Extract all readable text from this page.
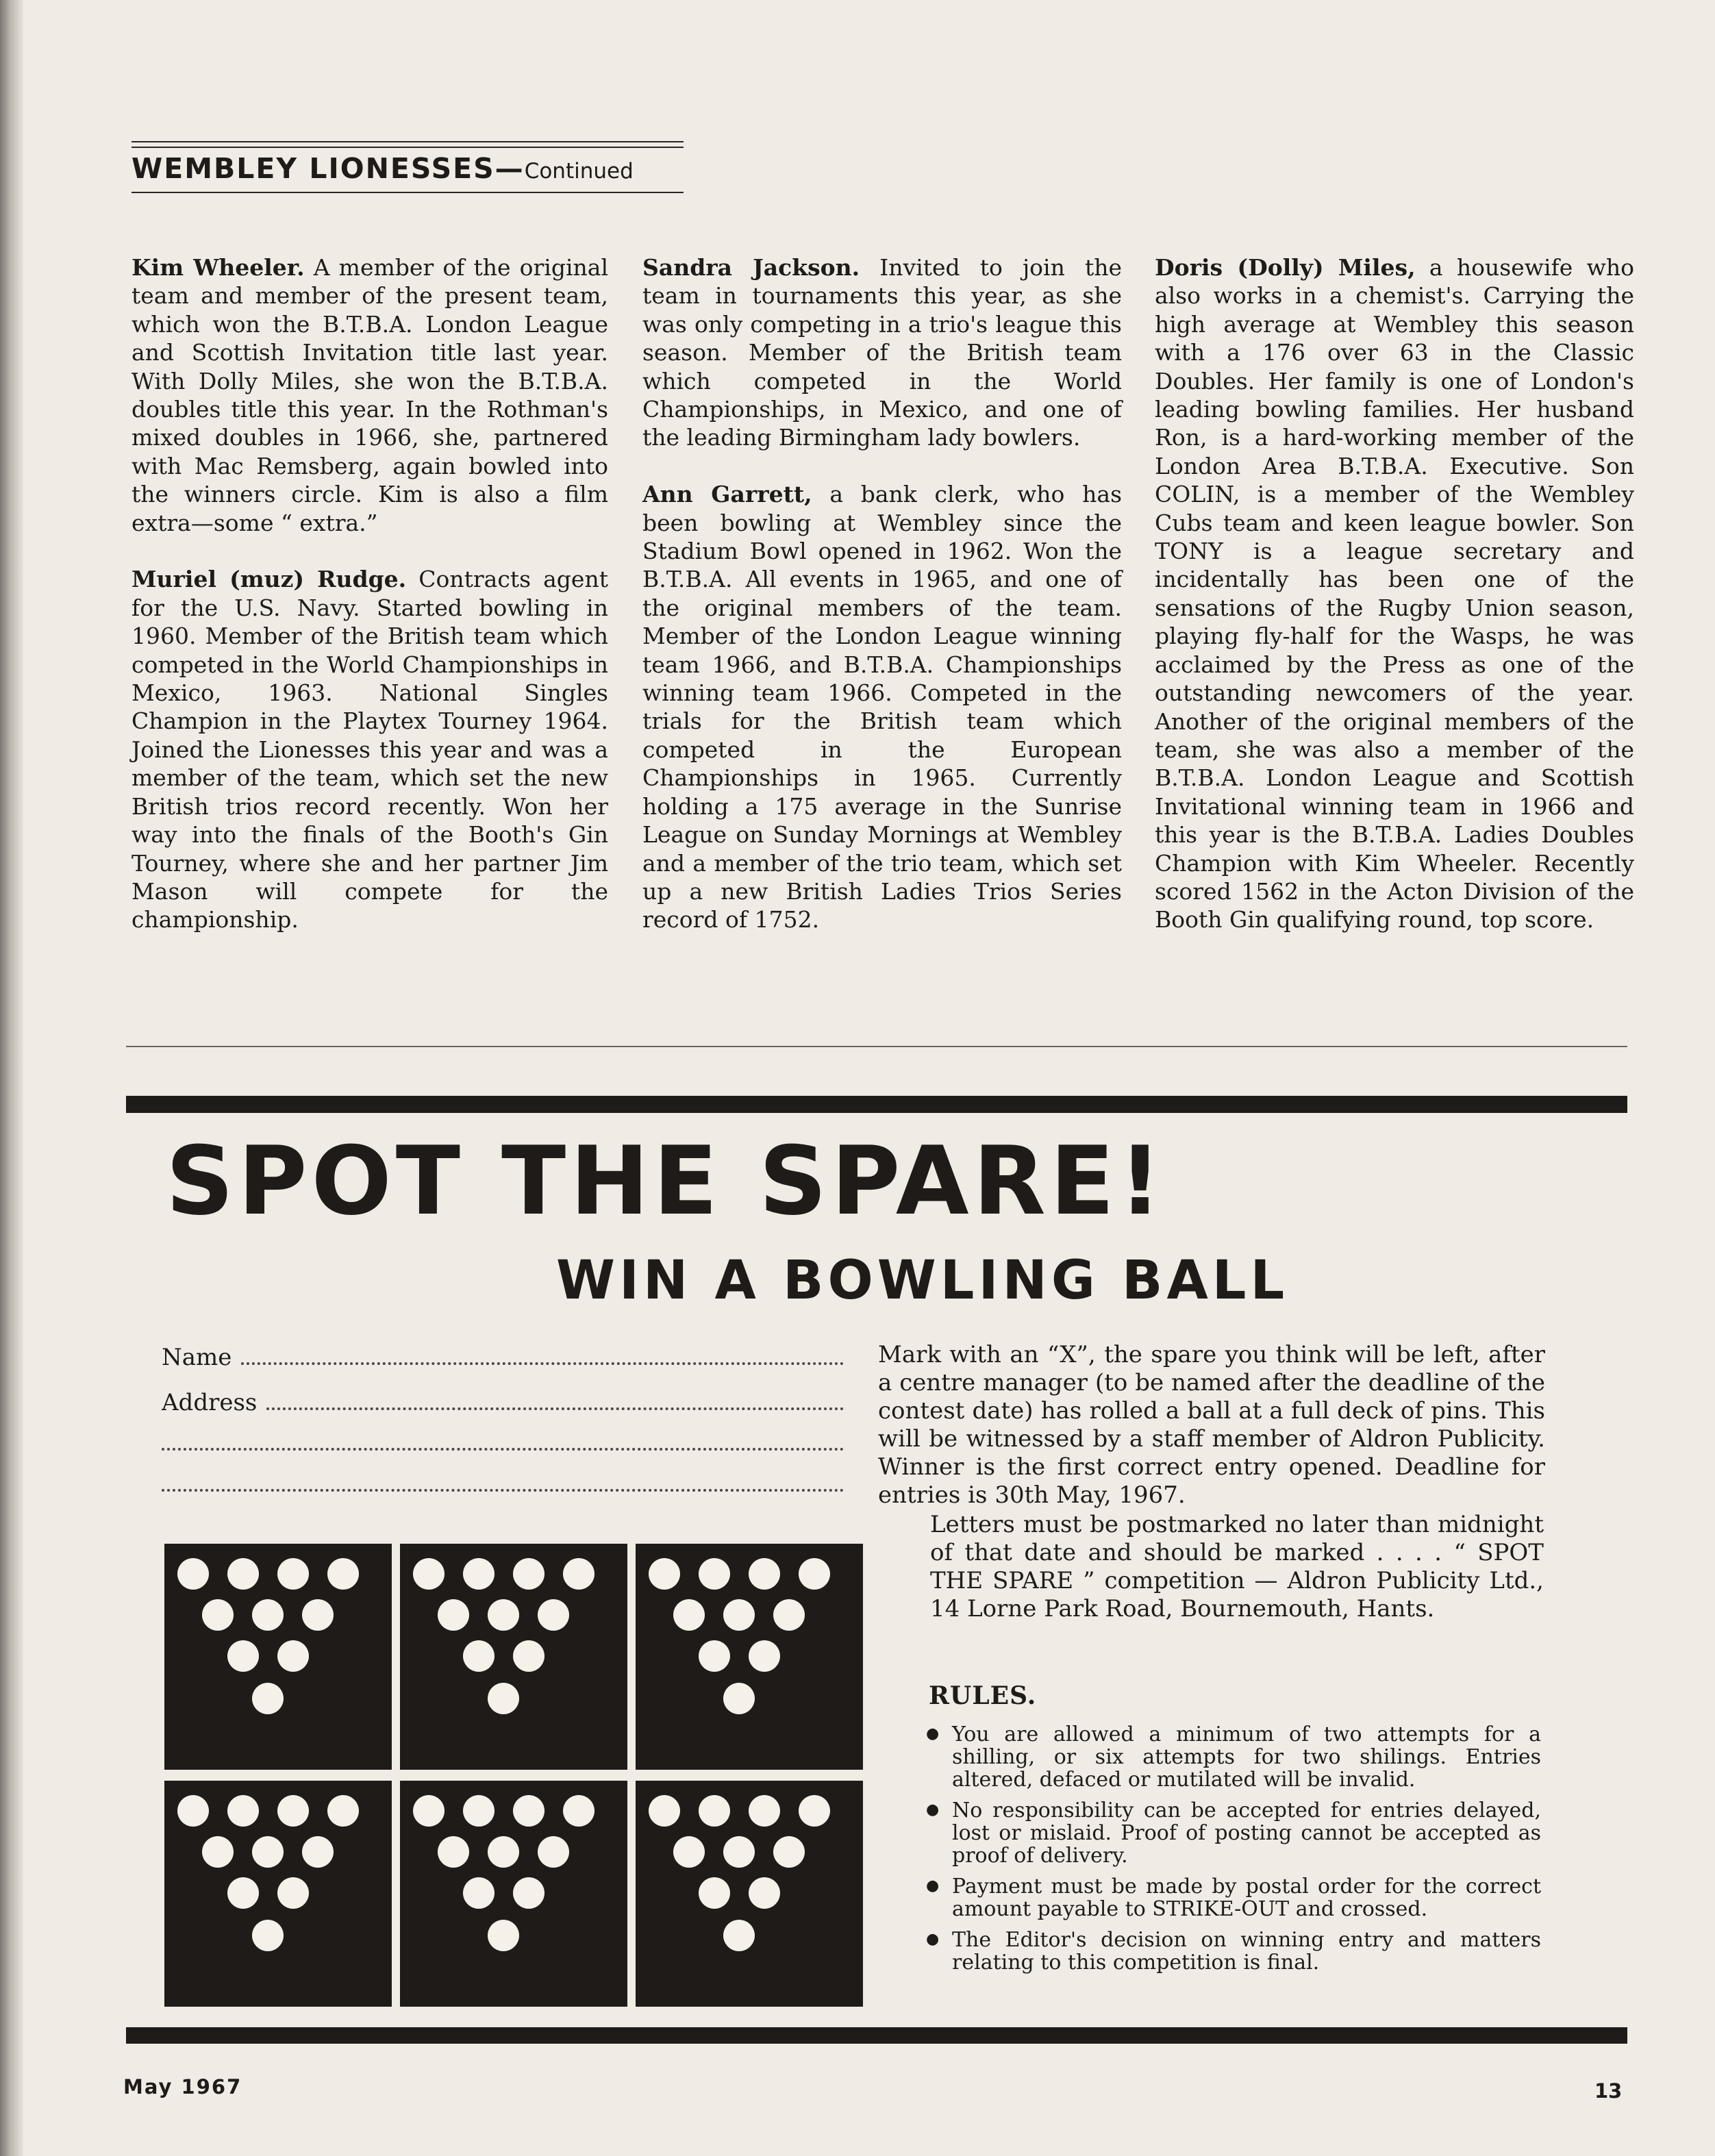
WEMBLEY LIONESSES—Continued

Kim Wheeler. A member of the original team and member of the present team, which won the B.T.B.A. London League and Scottish Invitation title last year. With Dolly Miles, she won the B.T.B.A. doubles title this year. In the Rothman's mixed doubles in 1966, she, partnered with Mac Remsberg, again bowled into the winners circle. Kim is also a film extra—some “ extra.”

Muriel (muz) Rudge. Contracts agent for the U.S. Navy. Started bowling in 1960. Member of the British team which competed in the World Championships in Mexico, 1963. National Singles Champion in the Playtex Tourney 1964. Joined the Lionesses this year and was a member of the team, which set the new British trios record recently. Won her way into the finals of the Booth's Gin Tourney, where she and her partner Jim Mason will compete for the championship.

Sandra Jackson. Invited to join the team in tournaments this year, as she was only competing in a trio's league this season. Member of the British team which competed in the World Championships, in Mexico, and one of the leading Birmingham lady bowlers.

Ann Garrett, a bank clerk, who has been bowling at Wembley since the Stadium Bowl opened in 1962. Won the B.T.B.A. All events in 1965, and one of the original members of the team. Member of the London League winning team 1966, and B.T.B.A. Championships winning team 1966. Competed in the trials for the British team which competed in the European Championships in 1965. Currently holding a 175 average in the Sunrise League on Sunday Mornings at Wembley and a member of the trio team, which set up a new British Ladies Trios Series record of 1752.

Doris (Dolly) Miles, a housewife who also works in a chemist's. Carrying the high average at Wembley this season with a 176 over 63 in the Classic Doubles. Her family is one of London's leading bowling families. Her husband Ron, is a hard-working member of the London Area B.T.B.A. Executive. Son COLIN, is a member of the Wembley Cubs team and keen league bowler. Son TONY is a league secretary and incidentally has been one of the sensations of the Rugby Union season, playing fly-half for the Wasps, he was acclaimed by the Press as one of the outstanding newcomers of the year. Another of the original members of the team, she was also a member of the B.T.B.A. London League and Scottish Invitational winning team in 1966 and this year is the B.T.B.A. Ladies Doubles Champion with Kim Wheeler. Recently scored 1562 in the Acton Division of the Booth Gin qualifying round, top score.

SPOT THE SPARE!
WIN A BOWLING BALL
Name
Address
Mark with an “X”, the spare you think will be left, after a centre manager (to be named after the deadline of the contest date) has rolled a ball at a full deck of pins. This will be witnessed by a staff member of Aldron Publicity. Winner is the first correct entry opened. Deadline for entries is 30th May, 1967.
Letters must be postmarked no later than midnight of that date and should be marked . . . . “ SPOT THE SPARE ” competition — Aldron Publicity Ltd., 14 Lorne Park Road, Bournemouth, Hants.
RULES.
● You are allowed a minimum of two attempts for a shilling, or six attempts for two shilings. Entries altered, defaced or mutilated will be invalid.
● No responsibility can be accepted for entries delayed, lost or mislaid. Proof of posting cannot be accepted as proof of delivery.
● Payment must be made by postal order for the correct amount payable to STRIKE-OUT and crossed.
● The Editor's decision on winning entry and matters relating to this competition is final.
May 1967	13
